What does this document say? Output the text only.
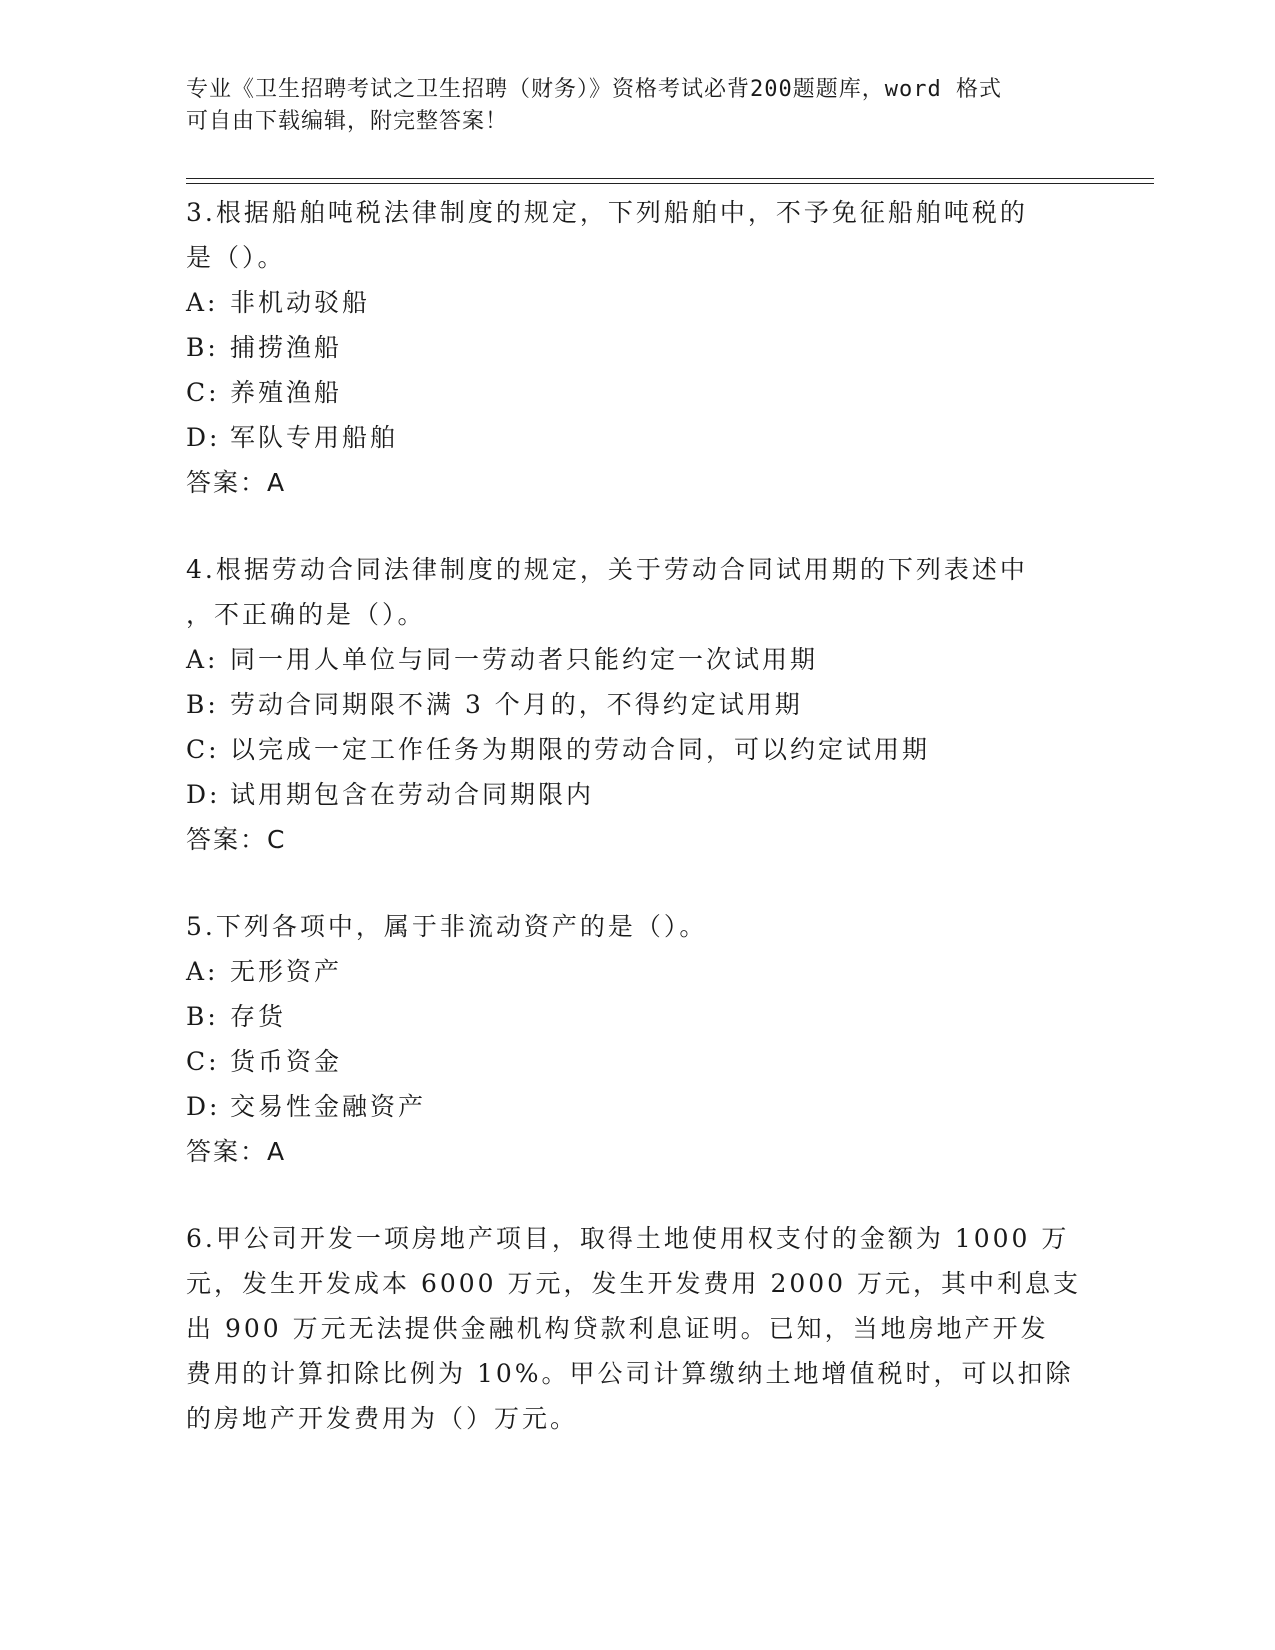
专业《卫生招聘考试之卫生招聘（财务）》资格考试必背200题题库，word 格式
可自由下载编辑，附完整答案！
3.根据船舶吨税法律制度的规定，下列船舶中，不予免征船舶吨税的
是（）。
A: 非机动驳船
B: 捕捞渔船
C: 养殖渔船
D: 军队专用船舶
答案：A
4.根据劳动合同法律制度的规定，关于劳动合同试用期的下列表述中
，不正确的是（）。
A: 同一用人单位与同一劳动者只能约定一次试用期
B: 劳动合同期限不满 3 个月的，不得约定试用期
C: 以完成一定工作任务为期限的劳动合同，可以约定试用期
D: 试用期包含在劳动合同期限内
答案：C
5.下列各项中，属于非流动资产的是（）。
A: 无形资产
B: 存货
C: 货币资金
D: 交易性金融资产
答案：A
6.甲公司开发一项房地产项目，取得土地使用权支付的金额为 1000 万
元，发生开发成本 6000 万元，发生开发费用 2000 万元，其中利息支
出 900 万元无法提供金融机构贷款利息证明。已知，当地房地产开发
费用的计算扣除比例为 10%。甲公司计算缴纳土地增值税时，可以扣除
的房地产开发费用为（）万元。
